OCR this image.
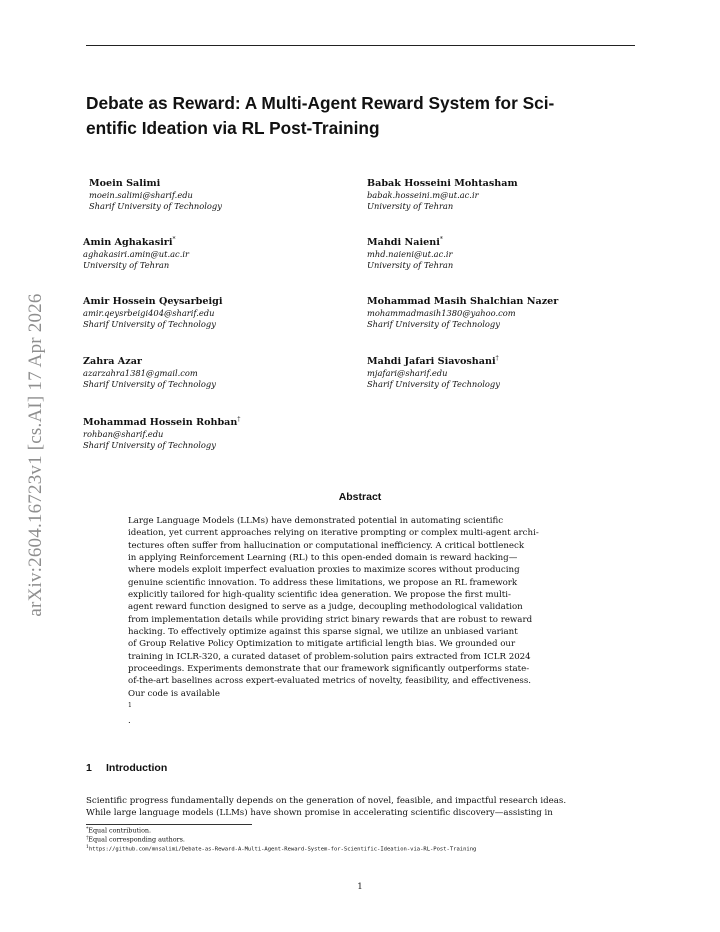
arXiv:2604.16723v1 [cs.AI] 17 Apr 2026
Debate as Reward: A Multi-Agent Reward System for Sci-
entific Ideation via RL Post-Training
Moein Salimi
moein.salimi@sharif.edu
Sharif University of Technology
Babak Hosseini Mohtasham
babak.hosseini.m@ut.ac.ir
University of Tehran
Amin Aghakasiri*
aghakasiri.amin@ut.ac.ir
University of Tehran
Mahdi Naieni*
mhd.naieni@ut.ac.ir
University of Tehran
Amir Hossein Qeysarbeigi
amir.qeysrbeigi404@sharif.edu
Sharif University of Technology
Mohammad Masih Shalchian Nazer
mohammadmasih1380@yahoo.com
Sharif University of Technology
Zahra Azar
azarzahra1381@gmail.com
Sharif University of Technology
Mahdi Jafari Siavoshani†
mjafari@sharif.edu
Sharif University of Technology
Mohammad Hossein Rohban†
rohban@sharif.edu
Sharif University of Technology
Abstract
Large Language Models (LLMs) have demonstrated potential in automating scientific
ideation, yet current approaches relying on iterative prompting or complex multi-agent archi-
tectures often suffer from hallucination or computational inefficiency. A critical bottleneck
in applying Reinforcement Learning (RL) to this open-ended domain is reward hacking—
where models exploit imperfect evaluation proxies to maximize scores without producing
genuine scientific innovation. To address these limitations, we propose an RL framework
explicitly tailored for high-quality scientific idea generation. We propose the first multi-
agent reward function designed to serve as a judge, decoupling methodological validation
from implementation details while providing strict binary rewards that are robust to reward
hacking. To effectively optimize against this sparse signal, we utilize an unbiased variant
of Group Relative Policy Optimization to mitigate artificial length bias. We grounded our
training in ICLR-320, a curated dataset of problem-solution pairs extracted from ICLR 2024
proceedings. Experiments demonstrate that our framework significantly outperforms state-
of-the-art baselines across expert-evaluated metrics of novelty, feasibility, and effectiveness.
Our code is available
$^1$
.
1 Introduction
Scientific progress fundamentally depends on the generation of novel, feasible, and impactful research ideas.
While large language models (LLMs) have shown promise in accelerating scientific discovery—assisting in
*Equal contribution.
†Equal corresponding authors.
$^1$https://github.com/mnsalimi/Debate-as-Reward-A-Multi-Agent-Reward-System-for-Scientific-Ideation-via-RL-Post-Training
1
